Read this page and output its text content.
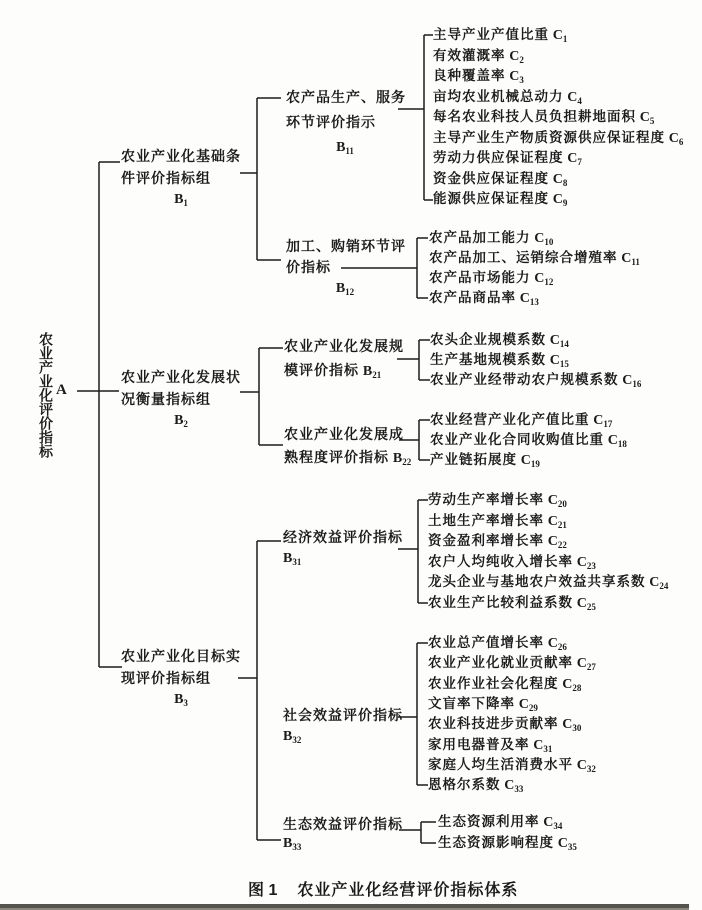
农业产业化评价指标 A
农业产业化基础条
件评价指标组
$B_1$
农业产业化发展状
况衡量指标组
$B_2$
农业产业化目标实
现评价指标组
$B_3$
农产品生产、服务
环节评价指示
$B_{11}$
加工、购销环节评
价指标
$B_{12}$
农业产业化发展规
模评价指标 $B_{21}$
农业产业化发展成
熟程度评价指标 $B_{22}$
经济效益评价指标
$B_{31}$
社会效益评价指标
$B_{32}$
生态效益评价指标
$B_{33}$
主导产业产值比重 $C_1$
有效灌溉率 $C_2$
良种覆盖率 $C_3$
亩均农业机械总动力 $C_4$
每名农业科技人员负担耕地面积 $C_5$
主导产业生产物质资源供应保证程度 $C_6$
劳动力供应保证程度 $C_7$
资金供应保证程度 $C_8$
能源供应保证程度 $C_9$
农产品加工能力 $C_{10}$
农产品加工、运销综合增殖率 $C_{11}$
农产品市场能力 $C_{12}$
农产品商品率 $C_{13}$
农头企业规模系数 $C_{14}$
生产基地规模系数 $C_{15}$
农业产业经带动农户规模系数 $C_{16}$
农业经营产业化产值比重 $C_{17}$
农业产业化合同收购值比重 $C_{18}$
产业链拓展度 $C_{19}$
劳动生产率增长率 $C_{20}$
土地生产率增长率 $C_{21}$
资金盈利率增长率 $C_{22}$
农户人均纯收入增长率 $C_{23}$
龙头企业与基地农户效益共享系数 $C_{24}$
农业生产比较利益系数 $C_{25}$
农业总产值增长率 $C_{26}$
农业产业化就业贡献率 $C_{27}$
农业作业社会化程度 $C_{28}$
文盲率下降率 $C_{29}$
农业科技进步贡献率 $C_{30}$
家用电器普及率 $C_{31}$
家庭人均生活消费水平 $C_{32}$
恩格尔系数 $C_{33}$
生态资源利用率 $C_{34}$
生态资源影响程度 $C_{35}$
图 1 农业产业化经营评价指标体系
